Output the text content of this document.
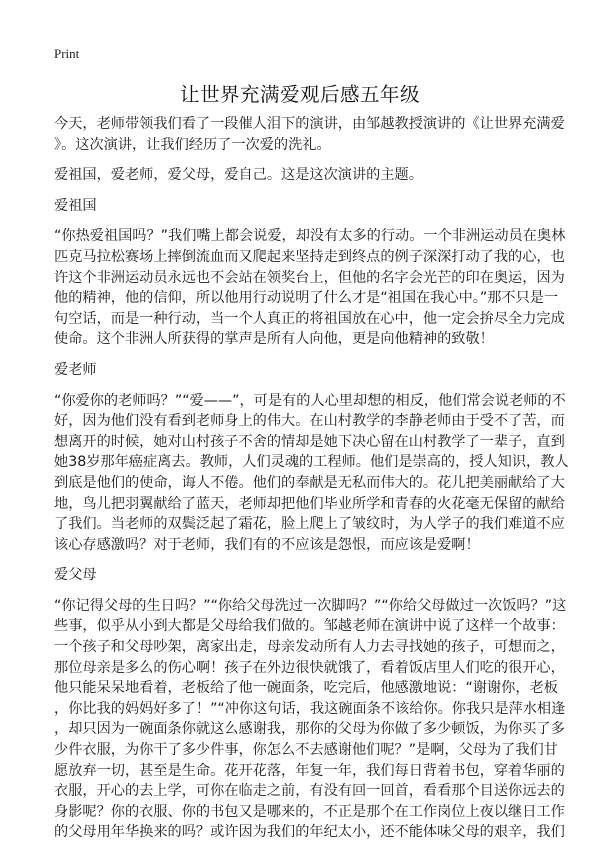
Print
让世界充满爱观后感五年级

今天，老师带领我们看了一段催人泪下的演讲，由邹越教授演讲的《让世界充满爱
》。这次演讲，让我们经历了一次爱的洗礼。

爱祖国，爱老师，爱父母，爱自己。这是这次演讲的主题。

爱祖国

“你热爱祖国吗？”我们嘴上都会说爱，却没有太多的行动。一个非洲运动员在奥林
匹克马拉松赛场上摔倒流血而又爬起来坚持走到终点的例子深深打动了我的心，也
许这个非洲运动员永远也不会站在领奖台上，但他的名字会光芒的印在奥运，因为
他的精神，他的信仰，所以他用行动说明了什么才是“祖国在我心中。”那不只是一
句空话，而是一种行动，当一个人真正的将祖国放在心中，他一定会拚尽全力完成
使命。这个非洲人所获得的掌声是所有人向他，更是向他精神的致敬！

爱老师

“你爱你的老师吗？”“爱——”，可是有的人心里却想的相反，他们常会说老师的不
好，因为他们没有看到老师身上的伟大。在山村教学的李静老师由于受不了苦，而
想离开的时候，她对山村孩子不舍的情却是她下决心留在山村教学了一辈子，直到
她38岁那年癌症离去。教师，人们灵魂的工程师。他们是崇高的，授人知识，教人
到底是他们的使命，诲人不倦。他们的奉献是无私而伟大的。花儿把美丽献给了大
地，鸟儿把羽翼献给了蓝天，老师却把他们毕业所学和青春的火花毫无保留的献给
了我们。当老师的双鬓泛起了霜花，脸上爬上了皱纹时，为人学子的我们难道不应
该心存感激吗？对于老师，我们有的不应该是怨恨，而应该是爱啊！

爱父母

“你记得父母的生日吗？”“你给父母洗过一次脚吗？”“你给父母做过一次饭吗？”这
些事，似乎从小到大都是父母给我们做的。邹越老师在演讲中说了这样一个故事：
一个孩子和父母吵架，离家出走，母亲发动所有人力去寻找她的孩子，可想而之，
那位母亲是多么的伤心啊！孩子在外边很快就饿了，看着饭店里人们吃的很开心，
他只能呆呆地看着，老板给了他一碗面条，吃完后，他感激地说：“谢谢你，老板
，你比我的妈妈好多了！”“冲你这句话，我这碗面条不该给你。你我只是萍水相逢
，却只因为一碗面条你就这么感谢我，那你的父母为你做了多少顿饭，为你买了多
少件衣服，为你干了多少件事，你怎么不去感谢他们呢？”是啊，父母为了我们甘
愿放弃一切，甚至是生命。花开花落，年复一年，我们每日背着书包，穿着华丽的
衣服，开心的去上学，可你在临走之前，有没有回一回首，看看那个目送你远去的
身影呢？你的衣服、你的书包又是哪来的，不正是那个在工作岗位上夜以继日工作
的父母用年华换来的吗？或许因为我们的年纪太小，还不能体味父母的艰辛，我们
